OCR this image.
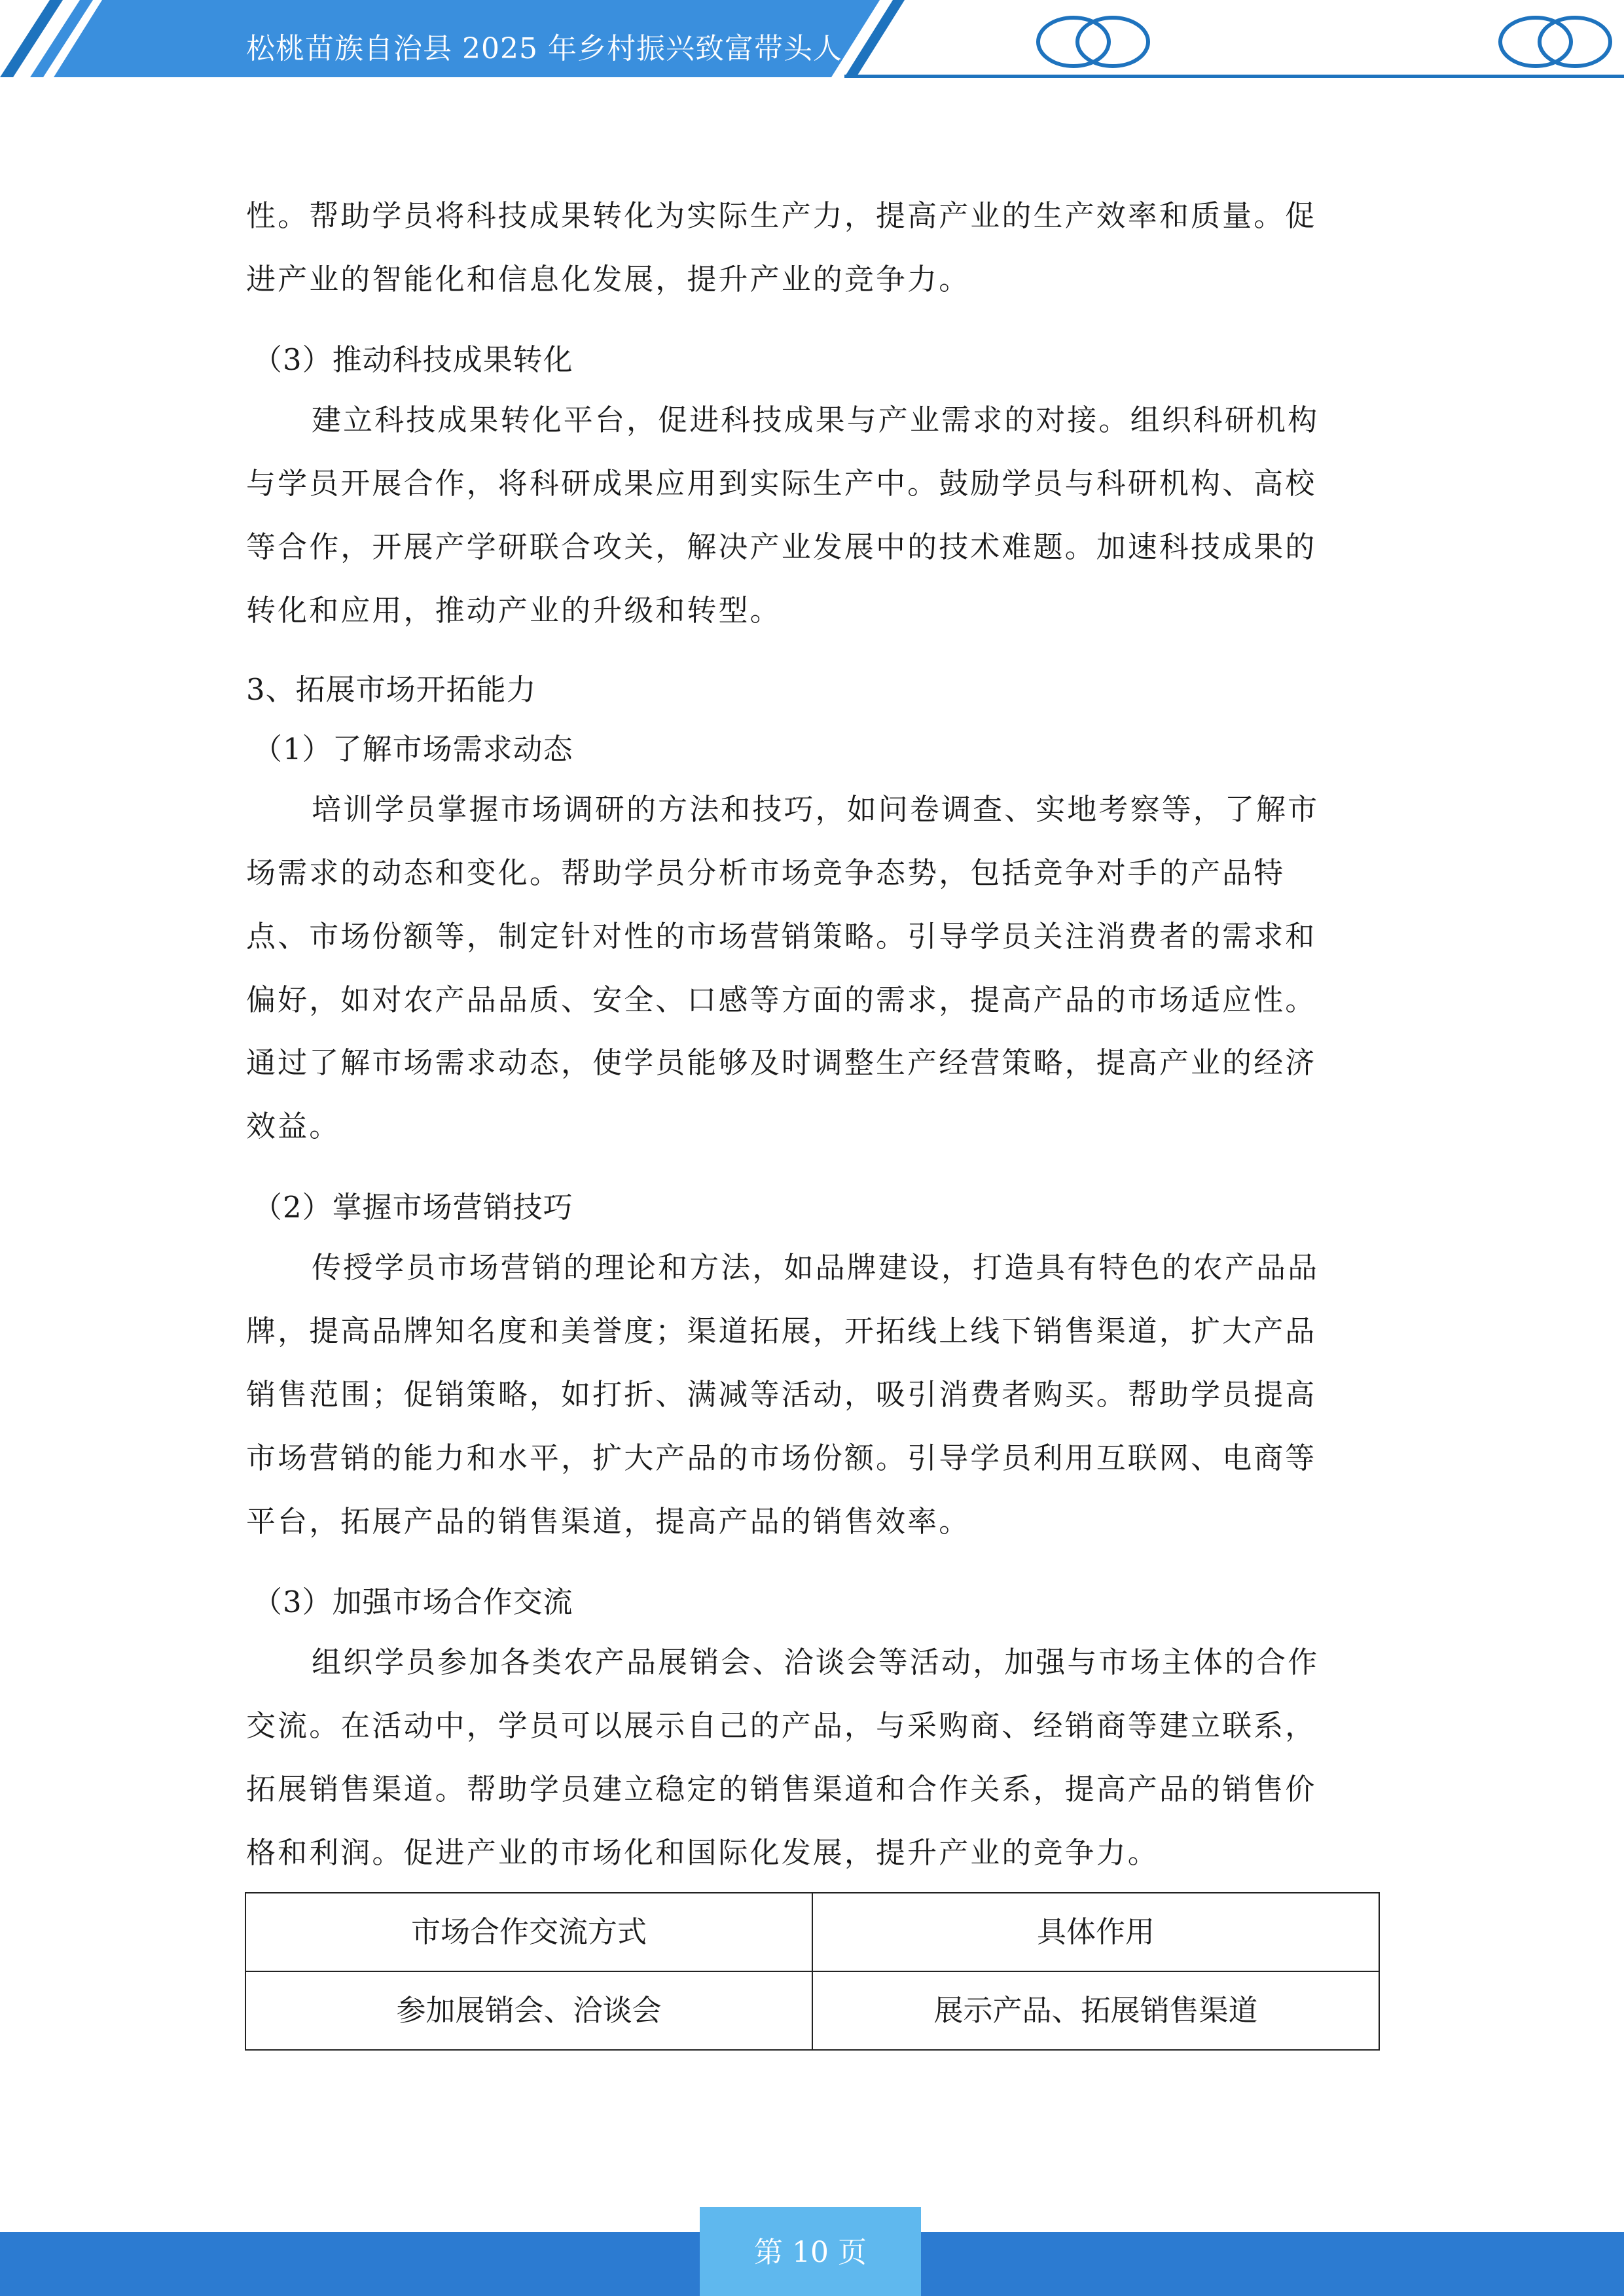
松桃苗族自治县 2025 年乡村振兴致富带头人
性。帮助学员将科技成果转化为实际生产力，提高产业的生产效率和质量。促
进产业的智能化和信息化发展，提升产业的竞争力。
（3）推动科技成果转化
建立科技成果转化平台，促进科技成果与产业需求的对接。组织科研机构
与学员开展合作，将科研成果应用到实际生产中。鼓励学员与科研机构、高校
等合作，开展产学研联合攻关，解决产业发展中的技术难题。加速科技成果的
转化和应用，推动产业的升级和转型。
3、拓展市场开拓能力
（1）了解市场需求动态
培训学员掌握市场调研的方法和技巧，如问卷调查、实地考察等，了解市
场需求的动态和变化。帮助学员分析市场竞争态势，包括竞争对手的产品特
点、市场份额等，制定针对性的市场营销策略。引导学员关注消费者的需求和
偏好，如对农产品品质、安全、口感等方面的需求，提高产品的市场适应性。
通过了解市场需求动态，使学员能够及时调整生产经营策略，提高产业的经济
效益。
（2）掌握市场营销技巧
传授学员市场营销的理论和方法，如品牌建设，打造具有特色的农产品品
牌，提高品牌知名度和美誉度；渠道拓展，开拓线上线下销售渠道，扩大产品
销售范围；促销策略，如打折、满减等活动，吸引消费者购买。帮助学员提高
市场营销的能力和水平，扩大产品的市场份额。引导学员利用互联网、电商等
平台，拓展产品的销售渠道，提高产品的销售效率。
（3）加强市场合作交流
组织学员参加各类农产品展销会、洽谈会等活动，加强与市场主体的合作
交流。在活动中，学员可以展示自己的产品，与采购商、经销商等建立联系，
拓展销售渠道。帮助学员建立稳定的销售渠道和合作关系，提高产品的销售价
格和利润。促进产业的市场化和国际化发展，提升产业的竞争力。
市场合作交流方式	具体作用
参加展销会、洽谈会	展示产品、拓展销售渠道
第 10 页
